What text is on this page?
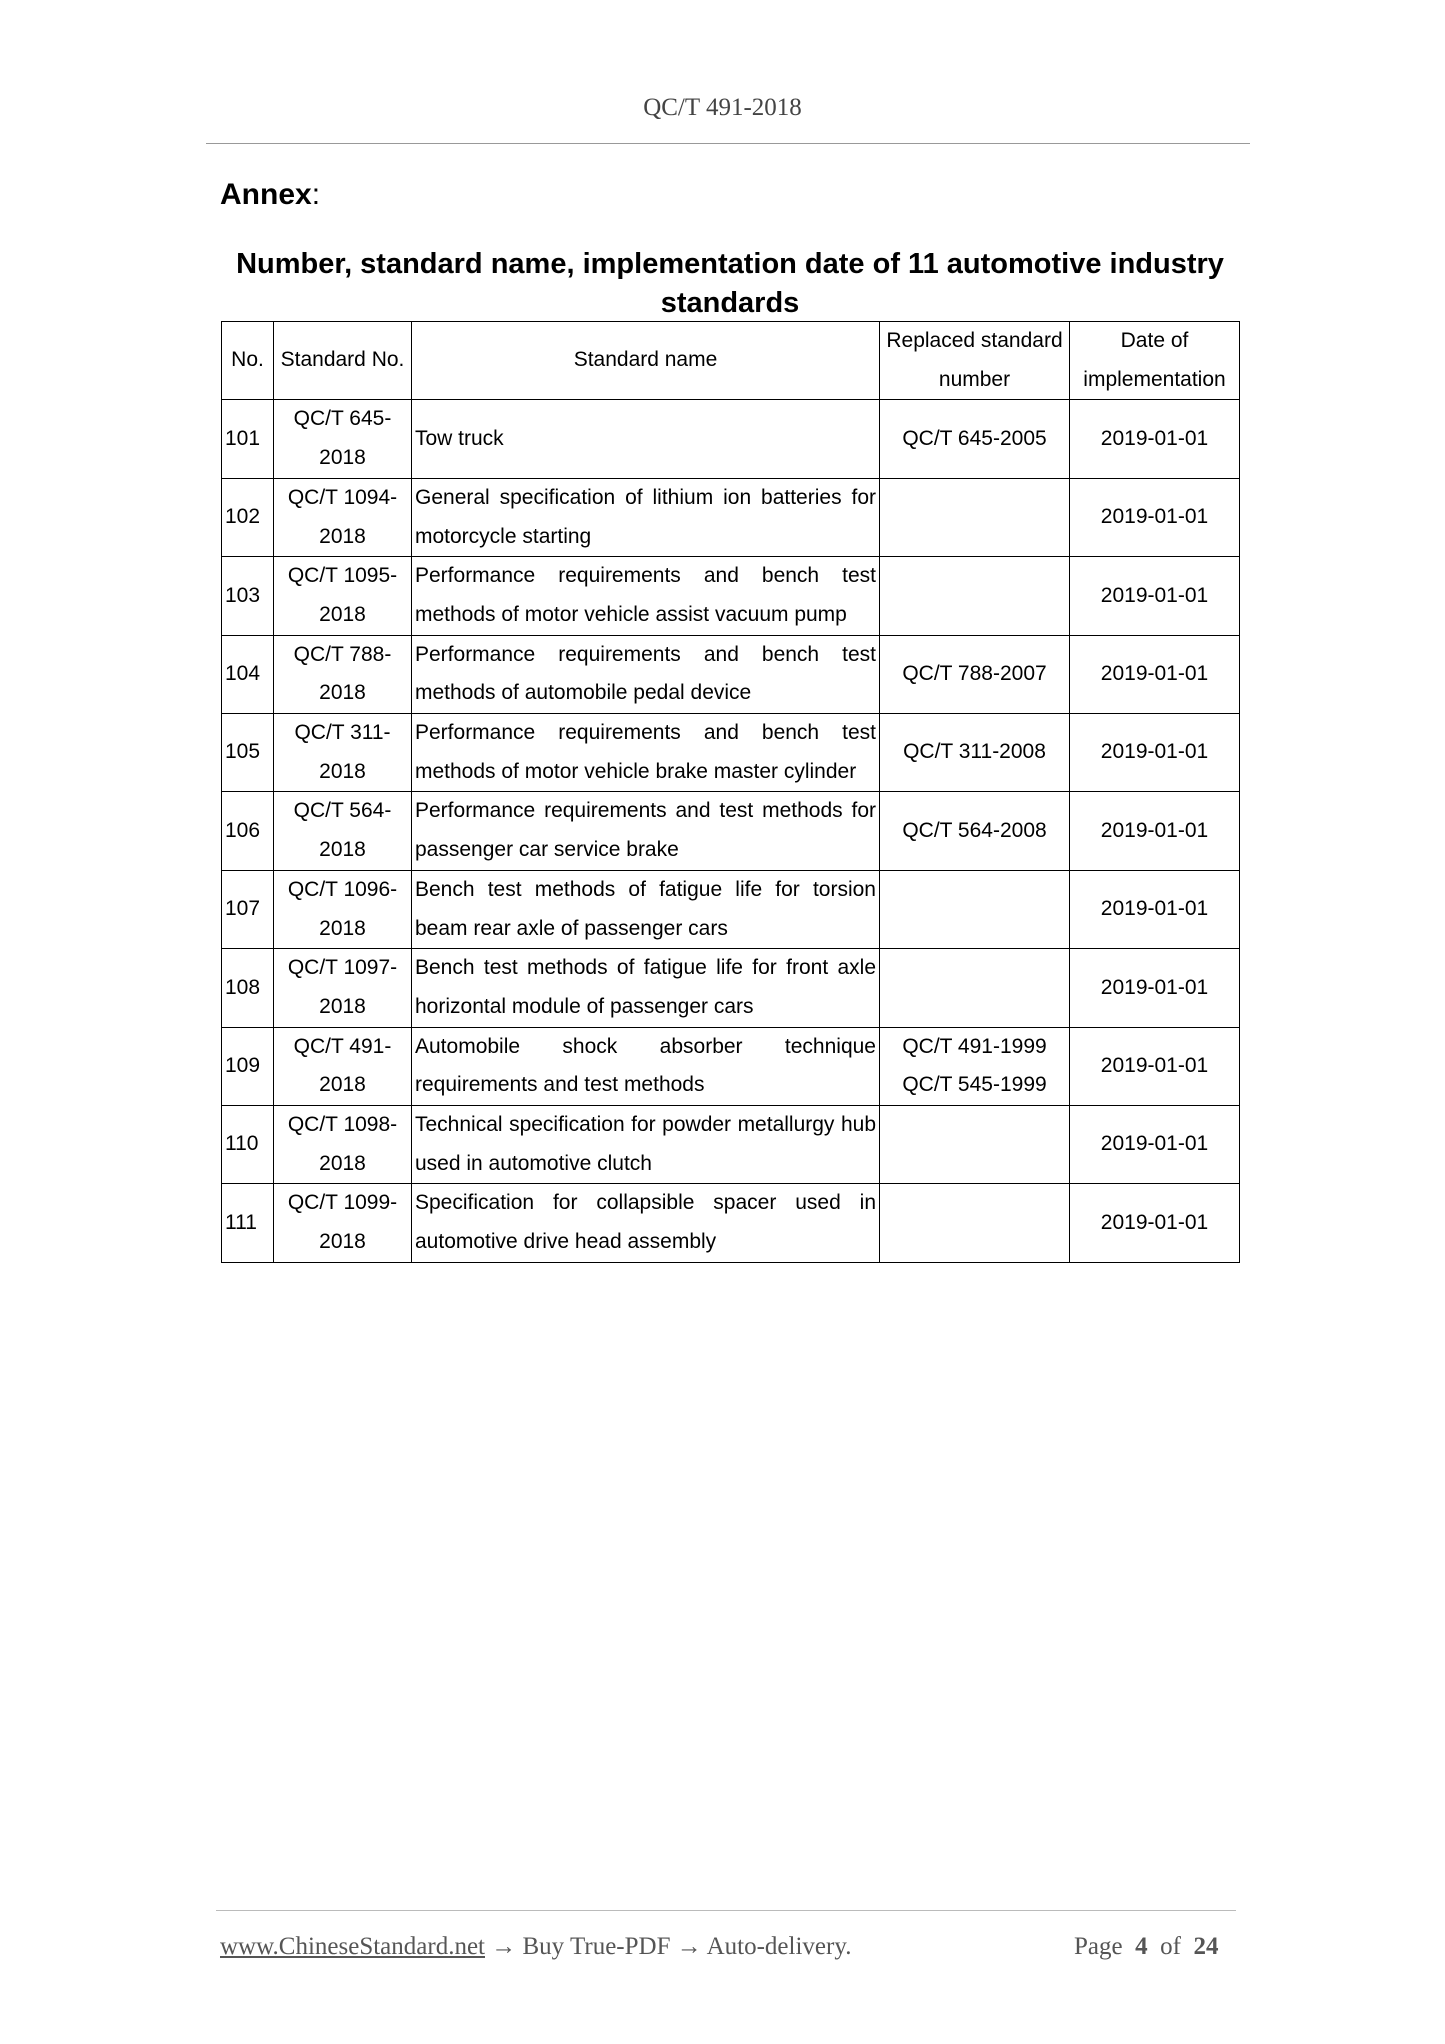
QC/T 491-2018
Annex:
Number, standard name, implementation date of 11 automotive industry standards
No.	Standard No.	Standard name	Replaced standard number	Date of implementation
101	QC/T 645-2018	Tow truck	QC/T 645-2005	2019-01-01
102	QC/T 1094-2018	General specification of lithium ion batteries for motorcycle starting		2019-01-01
103	QC/T 1095-2018	Performance requirements and bench test methods of motor vehicle assist vacuum pump		2019-01-01
104	QC/T 788-2018	Performance requirements and bench test methods of automobile pedal device	QC/T 788-2007	2019-01-01
105	QC/T 311-2018	Performance requirements and bench test methods of motor vehicle brake master cylinder	QC/T 311-2008	2019-01-01
106	QC/T 564-2018	Performance requirements and test methods for passenger car service brake	QC/T 564-2008	2019-01-01
107	QC/T 1096-2018	Bench test methods of fatigue life for torsion beam rear axle of passenger cars		2019-01-01
108	QC/T 1097-2018	Bench test methods of fatigue life for front axle horizontal module of passenger cars		2019-01-01
109	QC/T 491-2018	Automobile shock absorber technique requirements and test methods	QC/T 491-1999 QC/T 545-1999	2019-01-01
110	QC/T 1098-2018	Technical specification for powder metallurgy hub used in automotive clutch		2019-01-01
111	QC/T 1099-2018	Specification for collapsible spacer used in automotive drive head assembly		2019-01-01
www.ChineseStandard.net → Buy True-PDF → Auto-delivery.	Page 4 of 24
